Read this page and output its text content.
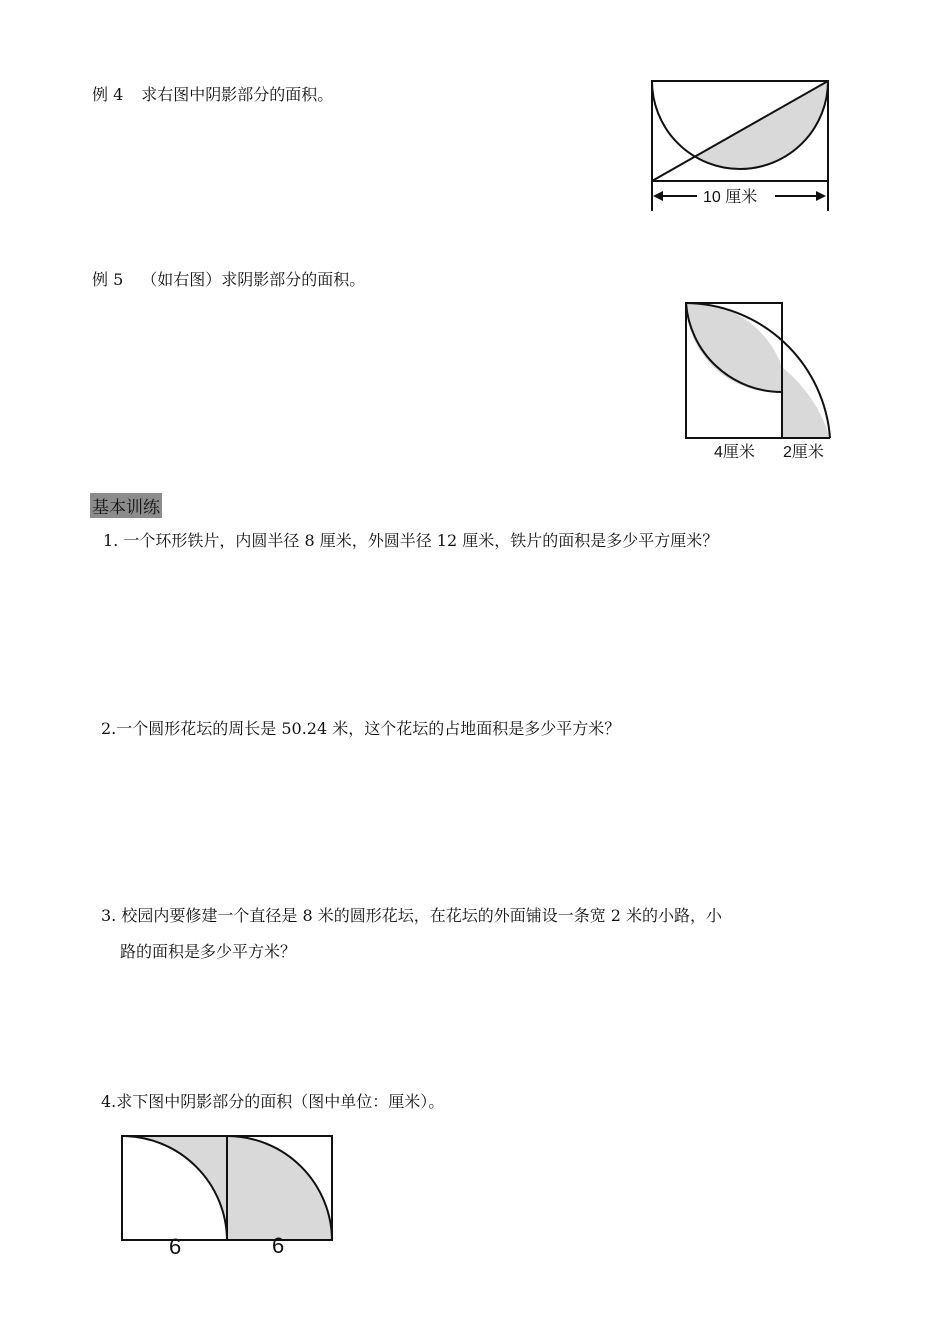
例 4 求右图中阴影部分的面积。
10 厘米
例 5 （如右图）求阴影部分的面积。
4厘米 2厘米
基本训练
1. 一个环形铁片，内圆半径 8 厘米，外圆半径 12 厘米，铁片的面积是多少平方厘米？
2.一个圆形花坛的周长是 50.24 米，这个花坛的占地面积是多少平方米？
3. 校园内要修建一个直径是 8 米的圆形花坛，在花坛的外面铺设一条宽 2 米的小路，小
路的面积是多少平方米？
4.求下图中阴影部分的面积（图中单位：厘米）。
6	6
